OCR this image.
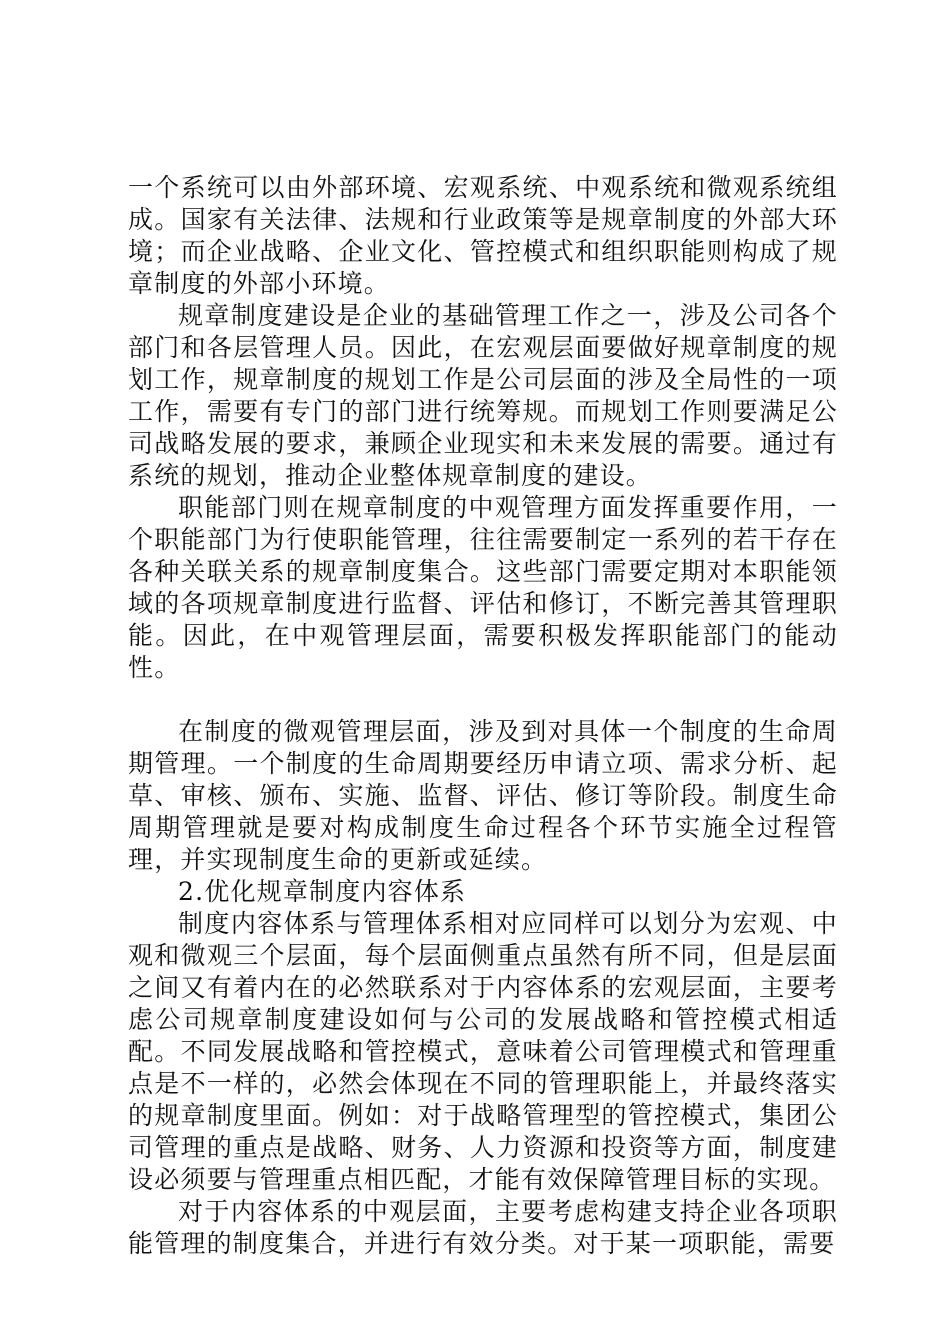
一个系统可以由外部环境、宏观系统、中观系统和微观系统组成。国家有关法律、法规和行业政策等是规章制度的外部大环境；而企业战略、企业文化、管控模式和组织职能则构成了规章制度的外部小环境。

规章制度建设是企业的基础管理工作之一，涉及公司各个部门和各层管理人员。因此，在宏观层面要做好规章制度的规划工作，规章制度的规划工作是公司层面的涉及全局性的一项工作，需要有专门的部门进行统筹规。而规划工作则要满足公司战略发展的要求，兼顾企业现实和未来发展的需要。通过有系统的规划，推动企业整体规章制度的建设。

职能部门则在规章制度的中观管理方面发挥重要作用，一个职能部门为行使职能管理，往往需要制定一系列的若干存在各种关联关系的规章制度集合。这些部门需要定期对本职能领域的各项规章制度进行监督、评估和修订，不断完善其管理职能。因此，在中观管理层面，需要积极发挥职能部门的能动性。

在制度的微观管理层面，涉及到对具体一个制度的生命周期管理。一个制度的生命周期要经历申请立项、需求分析、起草、审核、颁布、实施、监督、评估、修订等阶段。制度生命周期管理就是要对构成制度生命过程各个环节实施全过程管理，并实现制度生命的更新或延续。

2.优化规章制度内容体系

制度内容体系与管理体系相对应同样可以划分为宏观、中观和微观三个层面，每个层面侧重点虽然有所不同，但是层面之间又有着内在的必然联系对于内容体系的宏观层面，主要考虑公司规章制度建设如何与公司的发展战略和管控模式相适配。不同发展战略和管控模式，意味着公司管理模式和管理重点是不一样的，必然会体现在不同的管理职能上，并最终落实的规章制度里面。例如：对于战略管理型的管控模式，集团公司管理的重点是战略、财务、人力资源和投资等方面，制度建设必须要与管理重点相匹配，才能有效保障管理目标的实现。

对于内容体系的中观层面，主要考虑构建支持企业各项职能管理的制度集合，并进行有效分类。对于某一项职能，需要
